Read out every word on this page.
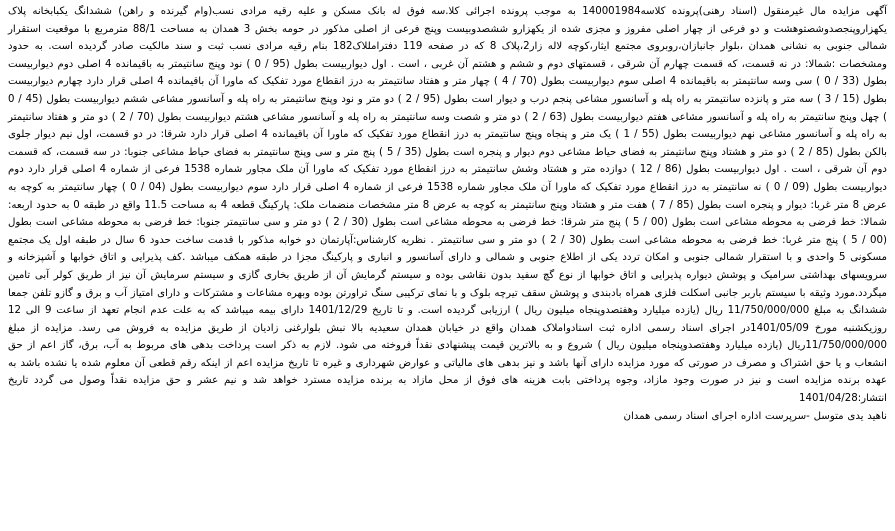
آگهی مزایده مال غیرمنقول (اسناد رهنی)پرونده کلاسه140001984 به موجب پرونده اجرائی کلا.سه فوق له بانک مسکن و علیه رقیه مرادی نسب(وام گیرنده و راهن) ششدانگ یکبابخانه پلاک یکهزاروپنجصدوشصتوهشت و دو فرعی از چهار اصلی مفروز و مجزی شده از یکهزارو ششصدوبیست وپنج فرعی از اصلی مذکور در حومه بخش 3 همدان به مساحت 88/1 مترمربع با موقعیت استقرار شمالی جنوبی به نشانی همدان ،بلوار جانبازان،روبروی مجتمع ایثار،کوچه لاله زار2،پلاک 8 که در صفحه 119 دفترامللاک182 بنام رقیه مرادی نسب ثبت و سند مالکیت صادر گردیده است. به حدود ومشخصات :شمالا: در نه قسمت، که قسمت چهارم آن شرقی ، قسمتهای دوم و ششم و هشتم آن غربی ، است . اول دیواربیست بطول (95 / 0 ) نود وپنج سانتیمتر به باقیمانده 4 اصلی دوم دیواربیست بطول (33 / 0 ) سی وسه سانتیمتر به باقیمانده 4 اصلی سوم دیواربیست بطول (70 / 4 ) چهار متر و هفتاد سانتیمتر به درز انقطاع مورد تفکیک که ماورا آن باقیمانده 4 اصلی قرار دارد چهارم دیواربیست بطول (15 / 3 ) سه متر و پانزده سانتیمتر به راه پله و آسانسور مشاعی پنجم درب و دیوار است بطول (95 / 2 ) دو متر و نود وپنج سانتیمتر به راه پله و آسانسور مشاعی ششم دیواربیست بطول (45 / 0 ) چهل وپنج سانتیمتر به راه پله و آسانسور مشاعی هفتم دیواربیست بطول (63 / 2 ) دو متر و شصت وسه سانتیمتر به راه پله و آسانسور مشاعی هشتم دیواربیست بطول (70 / 2 ) دو متر و هفتاد سانتیمتر به راه پله و آسانسور مشاعی نهم دیواربیست بطول (55 / 1 ) یک متر و پنجاه وپنج سانتیمتر به درز انقطاع مورد تفکیک که ماورا آن باقیمانده 4 اصلی قرار دارد شرقا: در دو قسمت، اول نیم دیوار جلوی بالکن بطول (85 / 2 ) دو متر و هشتاد وپنج سانتیمتر به فضای حیاط مشاعی دوم دیوار و پنجره است بطول (35 / 5 ) پنج متر و سی وپنج سانتیمتر به فضای حیاط مشاعی جنوبا: در سه قسمت، که قسمت دوم آن شرقی ، است . اول دیواربیست بطول (86 / 12 ) دوازده متر و هشتاد وشش سانتیمتر به درز انقطاع مورد تفکیک که ماورا آن ملک مجاور شماره 1538 فرعی از شماره 4 اصلی قرار دارد دوم دیواربیست بطول (09 / 0 ) نه سانتیمتر به درز انقطاع مورد تفکیک که ماورا آن ملک مجاور شماره 1538 فرعی از شماره 4 اصلی قرار دارد سوم دیواربیست بطول (04 / 0 ) چهار سانتیمتر به کوچه به عرض 8 متر غربا: دیوار و پنجره است بطول (85 / 7 ) هفت متر و هشتاد وپنج سانتیمتر به کوچه به عرض 8 متر مشخصات منضمات ملک: پارکینگ قطعه 4 به مساحت 11.5 واقع در طبقه 0 به حدود اربعه: شمالا: خط فرضی به محوطه مشاعی است بطول (00 / 5 ) پنج متر شرقا: خط فرضی به محوطه مشاعی است بطول (30 / 2 ) دو متر و سی سانتیمتر جنوبا: خط فرضی به محوطه مشاعی است بطول (00 / 5 ) پنج متر غربا: خط فرضی به محوطه مشاعی است بطول (30 / 2 ) دو متر و سی سانتیمتر . نظریه کارشناس:آپارتمان دو خوابه مذکور با قدمت ساخت حدود 6 سال در طبقه اول یک مجتمع مسکونی 5 واحدی و با استقرار شمالی جنوبی و امکان تردد یکی از اطلاع جنوبی و شمالی و دارای آسانسور و انباری و پارکینگ مجزا در طبقه همکف میباشد .کف پذیرایی و اتاق خوابها و آشپزخانه و سرویسهای بهداشتی سرامیک و پوشش دیواره پذیرایی و اتاق خوابها از نوع گچ سفید بدون نقاشی بوده و سیستم گرمایش آن از طریق بخاری گازی و سیستم سرمایش آن نیز از طریق کولر آبی تامین میگردد.مورد وثیقه با سیستم باربر جانبی اسکلت فلزی همراه بادبندی و پوشش سقف تیرچه بلوک و با نمای ترکیبی سنگ تراورتن بوده وبهره مشاعات و مشترکات و دارای امتیاز آب و برق و گازو تلفن جمعا ششدانگ به مبلغ 11/750/000/000 ریال (یازده میلیارد وهفتصدوپنجاه میلیون ریال ) ارزیابی گردیده است. و تا تاریخ 1401/12/29 دارای بیمه میباشد که به علت عدم انجام تعهد از ساعت 9 الی 12 روزیکشنبه مورخ 1401/05/09در اجرای اسناد رسمی اداره ثبت اسنادواملاک همدان واقع در خیابان همدان سعیدیه بالا نبش بلوارغنی زادیان از طریق مزایده به فروش می رسد. مزایده از مبلغ 11/750/000/000ریال (یازده میلیارد وهفتصدوپنجاه میلیون ریال ) شروع و به بالاترین قیمت پیشنهادی نقداً فروخته می شود. لازم به ذکر است پرداخت بدهی های مربوط به آب، برق، گاز اعم از حق انشعاب و یا حق اشتراک و مصرف در صورتی که مورد مزایده دارای آنها باشد و نیز بدهی های مالیاتی و عوارض شهرداری و غیره تا تاریخ مزایده اعم از اینکه رقم قطعی آن معلوم شده یا نشده باشد به عهده برنده مزایده است و نیز در صورت وجود مازاد، وجوه پرداختی بابت هزینه های فوق از محل مازاد به برنده مزایده مسترد خواهد شد و نیم عشر و حق مزایده نقداً وصول می گردد تاریخ انتشار:1401/04/28
ناهید یدی متوسل -سرپرست اداره اجرای اسناد رسمی همدان
